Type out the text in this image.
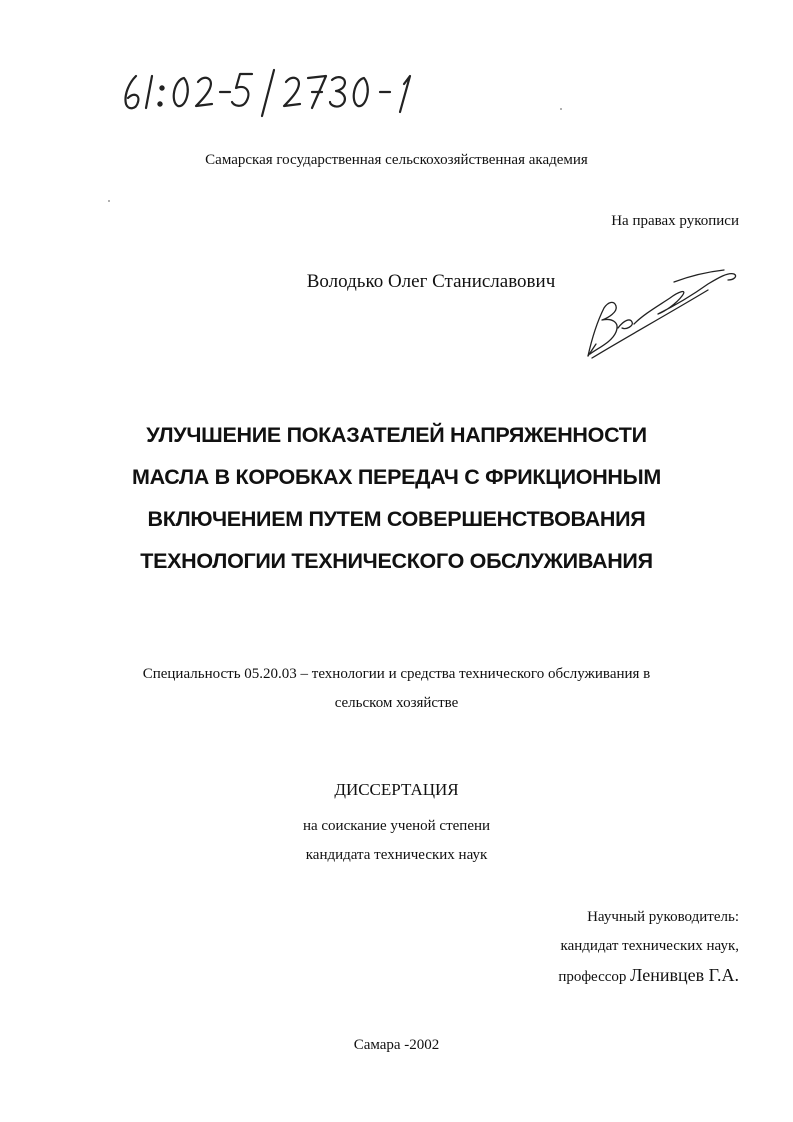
Самарская государственная сельскохозяйственная академия
На правах рукописи
Володько Олег Станиславович
УЛУЧШЕНИЕ ПОКАЗАТЕЛЕЙ НАПРЯЖЕННОСТИ
МАСЛА В КОРОБКАХ ПЕРЕДАЧ С ФРИКЦИОННЫМ
ВКЛЮЧЕНИЕМ ПУТЕМ СОВЕРШЕНСТВОВАНИЯ
ТЕХНОЛОГИИ ТЕХНИЧЕСКОГО ОБСЛУЖИВАНИЯ
Специальность 05.20.03 – технологии и средства технического обслуживания в
сельском хозяйстве
ДИССЕРТАЦИЯ
на соискание ученой степени
кандидата технических наук
Научный руководитель:
кандидат технических наук,
профессор Ленивцев Г.А.
Самара -2002
